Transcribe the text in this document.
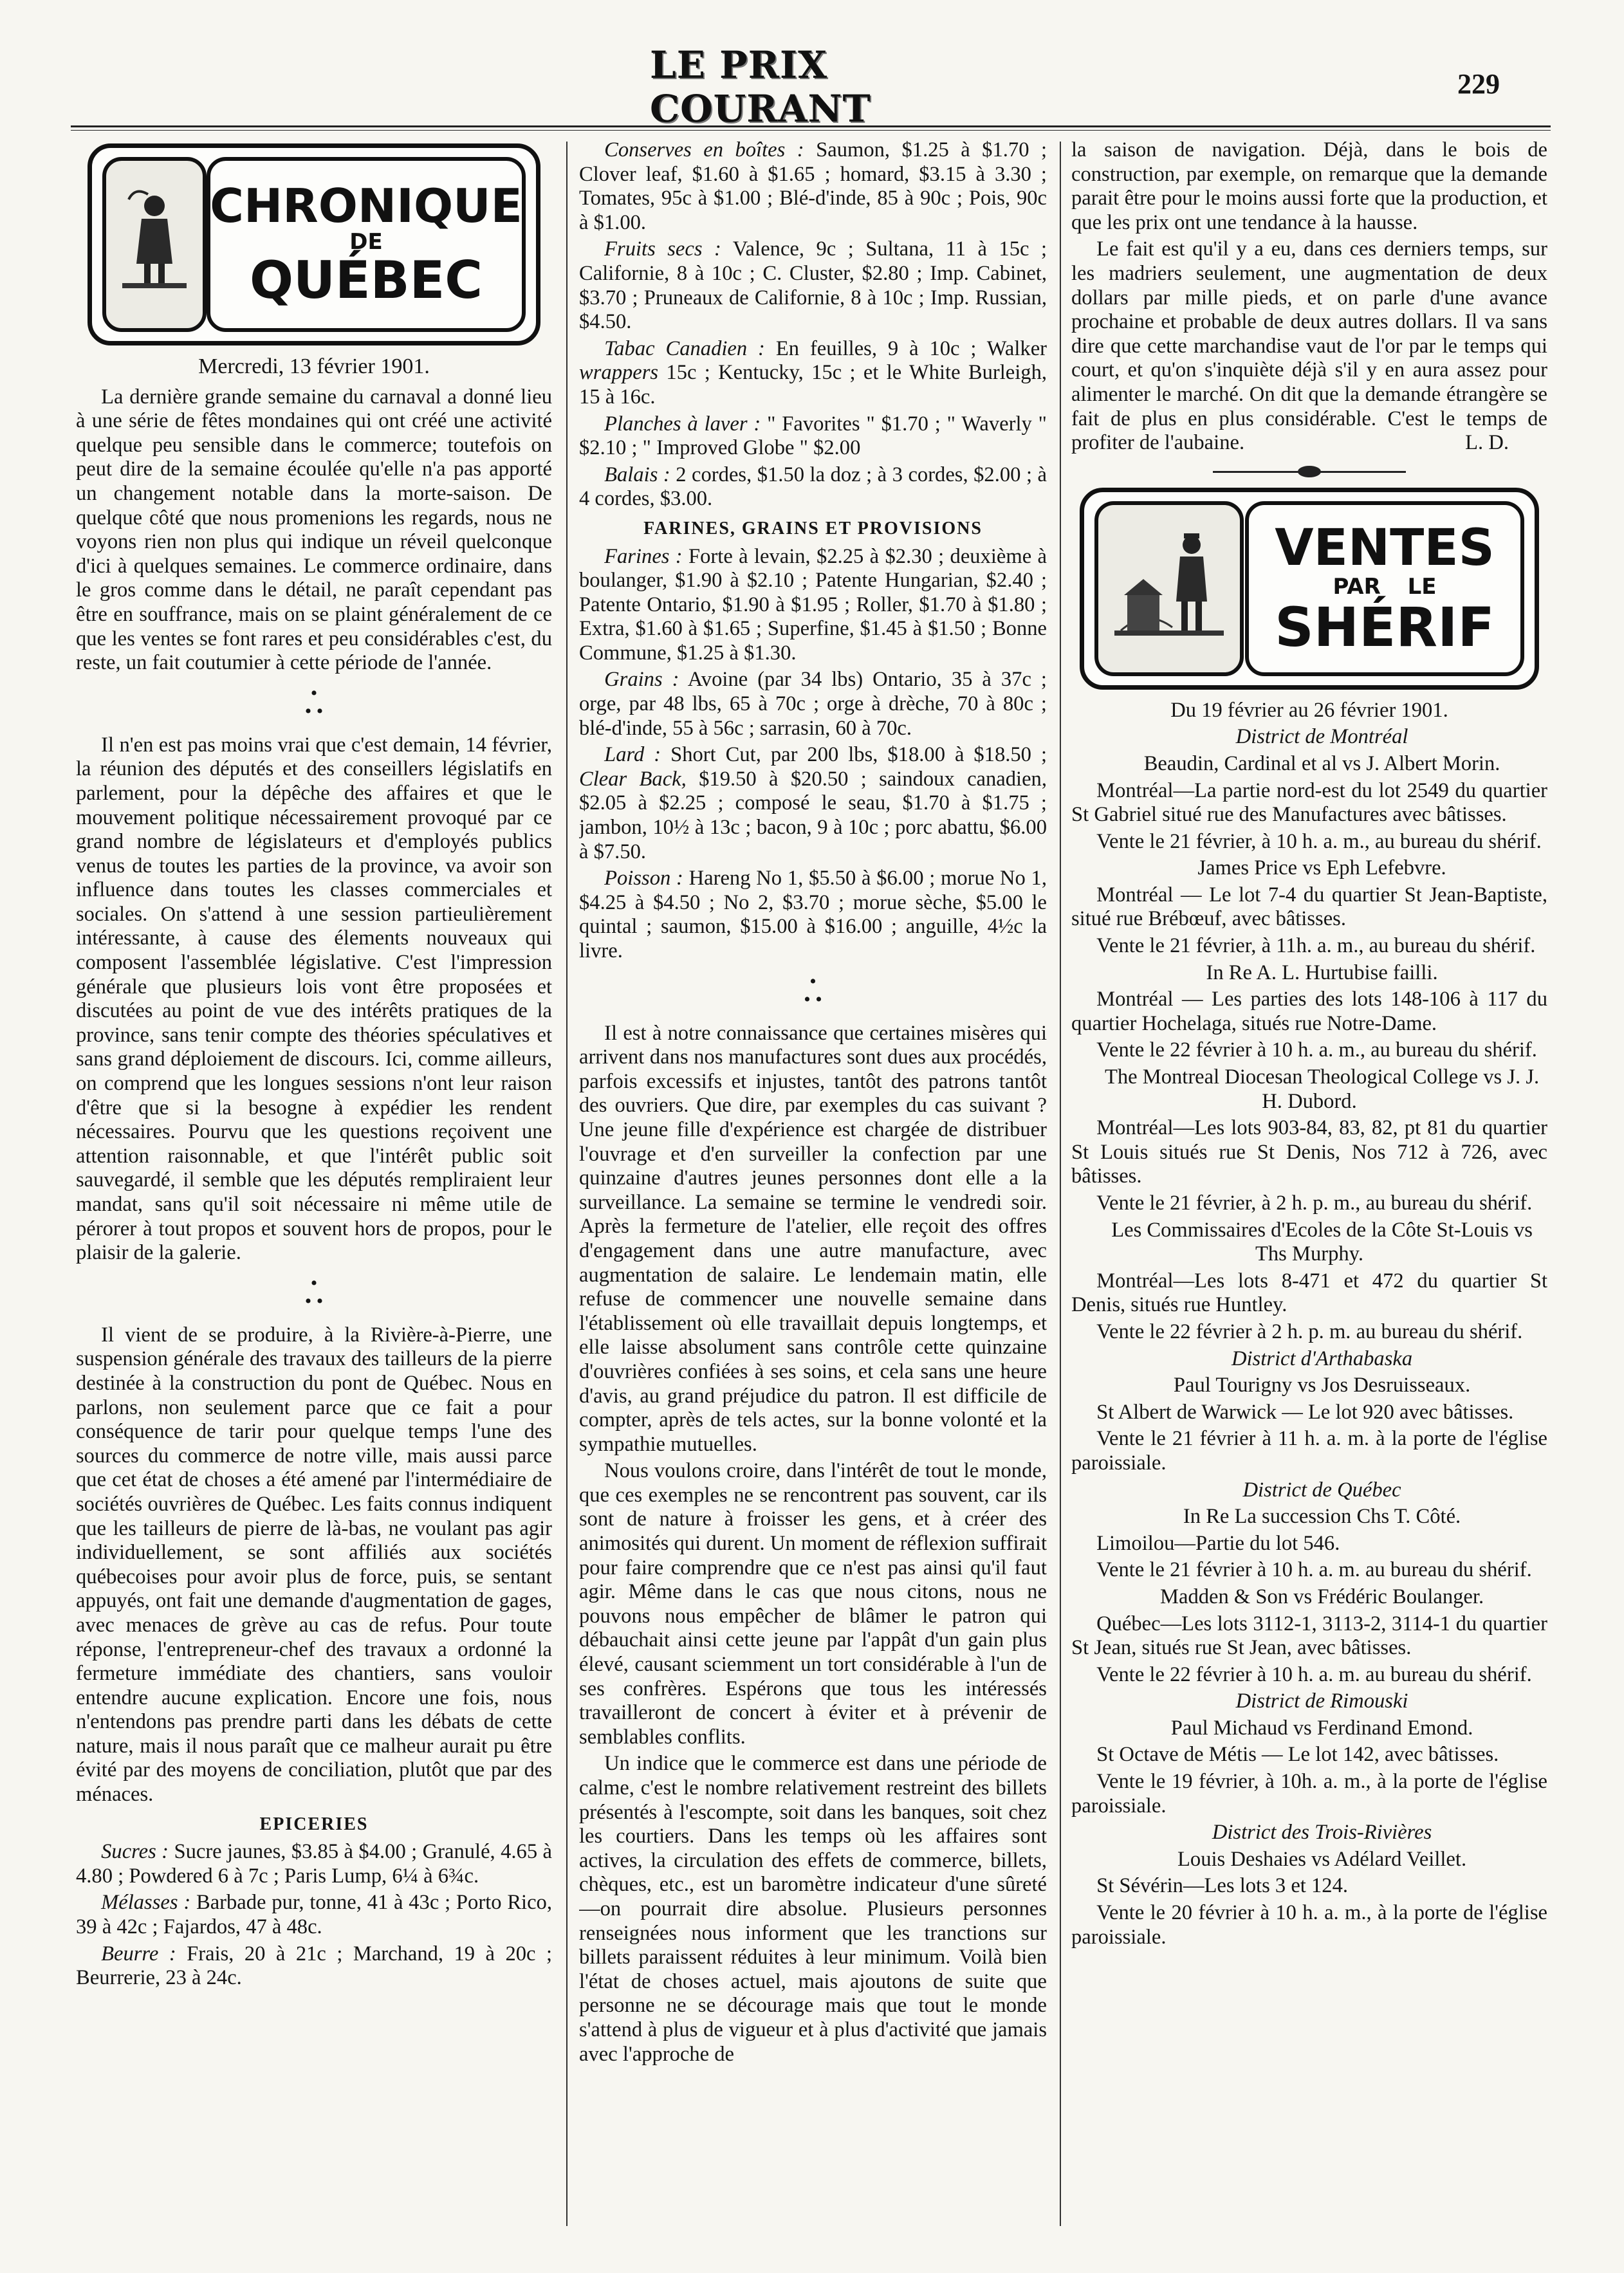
LE PRIX COURANT
229
CHRONIQUE
DE
QUÉBEC
Mercredi, 13 février 1901.

La dernière grande semaine du carnaval a donné lieu à une série de fêtes mondaines qui ont créé une activité quelque peu sensible dans le commerce; toutefois on peut dire de la semaine écoulée qu'elle n'a pas apporté un changement notable dans la morte-saison. De quelque côté que nous promenions les regards, nous ne voyons rien non plus qui indique un réveil quelconque d'ici à quelques semaines. Le commerce ordinaire, dans le gros comme dans le détail, ne paraît cependant pas être en souffrance, mais on se plaint généralement de ce que les ventes se font rares et peu considérables c'est, du reste, un fait coutumier à cette période de l'année.

•
• •

Il n'en est pas moins vrai que c'est demain, 14 février, la réunion des députés et des conseillers législatifs en parlement, pour la dépêche des affaires et que le mouvement politique nécessairement provoqué par ce grand nombre de législateurs et d'employés publics venus de toutes les parties de la province, va avoir son influence dans toutes les classes commerciales et sociales. On s'attend à une session partieulièrement intéressante, à cause des élements nouveaux qui composent l'assemblée législative. C'est l'impression générale que plusieurs lois vont être proposées et discutées au point de vue des intérêts pratiques de la province, sans tenir compte des théories spéculatives et sans grand déploiement de discours. Ici, comme ailleurs, on comprend que les longues sessions n'ont leur raison d'être que si la besogne à expédier les rendent nécessaires. Pourvu que les questions reçoivent une attention raisonnable, et que l'intérêt public soit sauvegardé, il semble que les députés rempliraient leur mandat, sans qu'il soit nécessaire ni même utile de pérorer à tout propos et souvent hors de propos, pour le plaisir de la galerie.

•
• •

Il vient de se produire, à la Rivière-à-Pierre, une suspension générale des travaux des tailleurs de la pierre destinée à la construction du pont de Québec. Nous en parlons, non seulement parce que ce fait a pour conséquence de tarir pour quelque temps l'une des sources du commerce de notre ville, mais aussi parce que cet état de choses a été amené par l'intermédiaire de sociétés ouvrières de Québec. Les faits connus indiquent que les tailleurs de pierre de là-bas, ne voulant pas agir individuellement, se sont affiliés aux sociétés québecoises pour avoir plus de force, puis, se sentant appuyés, ont fait une demande d'augmentation de gages, avec menaces de grève au cas de refus. Pour toute réponse, l'entrepreneur-chef des travaux a ordonné la fermeture immédiate des chantiers, sans vouloir entendre aucune explication. Encore une fois, nous n'entendons pas prendre parti dans les débats de cette nature, mais il nous paraît que ce malheur aurait pu être évité par des moyens de conciliation, plutôt que par des ménaces.

EPICERIES

Sucres : Sucre jaunes, $3.85 à $4.00 ; Granulé, 4.65 à 4.80 ; Powdered 6 à 7c ; Paris Lump, 6¼ à 6¾c.

Mélasses : Barbade pur, tonne, 41 à 43c ; Porto Rico, 39 à 42c ; Fajardos, 47 à 48c.

Beurre : Frais, 20 à 21c ; Marchand, 19 à 20c ; Beurrerie, 23 à 24c.

Conserves en boîtes : Saumon, $1.25 à $1.70 ; Clover leaf, $1.60 à $1.65 ; homard, $3.15 à 3.30 ; Tomates, 95c à $1.00 ; Blé-d'inde, 85 à 90c ; Pois, 90c à $1.00.

Fruits secs : Valence, 9c ; Sultana, 11 à 15c ; Californie, 8 à 10c ; C. Cluster, $2.80 ; Imp. Cabinet, $3.70 ; Pruneaux de Californie, 8 à 10c ; Imp. Russian, $4.50.

Tabac Canadien : En feuilles, 9 à 10c ; Walker wrappers 15c ; Kentucky, 15c ; et le White Burleigh, 15 à 16c.

Planches à laver : " Favorites " $1.70 ; " Waverly " $2.10 ; " Improved Globe " $2.00

Balais : 2 cordes, $1.50 la doz ; à 3 cordes, $2.00 ; à 4 cordes, $3.00.

FARINES, GRAINS ET PROVISIONS

Farines : Forte à levain, $2.25 à $2.30 ; deuxième à boulanger, $1.90 à $2.10 ; Patente Hungarian, $2.40 ; Patente Ontario, $1.90 à $1.95 ; Roller, $1.70 à $1.80 ; Extra, $1.60 à $1.65 ; Superfine, $1.45 à $1.50 ; Bonne Commune, $1.25 à $1.30.

Grains : Avoine (par 34 lbs) Ontario, 35 à 37c ; orge, par 48 lbs, 65 à 70c ; orge à drèche, 70 à 80c ; blé-d'inde, 55 à 56c ; sarrasin, 60 à 70c.

Lard : Short Cut, par 200 lbs, $18.00 à $18.50 ; Clear Back, $19.50 à $20.50 ; saindoux canadien, $2.05 à $2.25 ; composé le seau, $1.70 à $1.75 ; jambon, 10½ à 13c ; bacon, 9 à 10c ; porc abattu, $6.00 à $7.50.

Poisson : Hareng No 1, $5.50 à $6.00 ; morue No 1, $4.25 à $4.50 ; No 2, $3.70 ; morue sèche, $5.00 le quintal ; saumon, $15.00 à $16.00 ; anguille, 4½c la livre.

•
• •

Il est à notre connaissance que certaines misères qui arrivent dans nos manufactures sont dues aux procédés, parfois excessifs et injustes, tantôt des patrons tantôt des ouvriers. Que dire, par exemples du cas suivant ? Une jeune fille d'expérience est chargée de distribuer l'ouvrage et d'en surveiller la confection par une quinzaine d'autres jeunes personnes dont elle a la surveillance. La semaine se termine le vendredi soir. Après la fermeture de l'atelier, elle reçoit des offres d'engagement dans une autre manufacture, avec augmentation de salaire. Le lendemain matin, elle refuse de commencer une nouvelle semaine dans l'établissement où elle travaillait depuis longtemps, et elle laisse absolument sans contrôle cette quinzaine d'ouvrières confiées à ses soins, et cela sans une heure d'avis, au grand préjudice du patron. Il est difficile de compter, après de tels actes, sur la bonne volonté et la sympathie mutuelles.

Nous voulons croire, dans l'intérêt de tout le monde, que ces exemples ne se rencontrent pas souvent, car ils sont de nature à froisser les gens, et à créer des animosités qui durent. Un moment de réflexion suffirait pour faire comprendre que ce n'est pas ainsi qu'il faut agir. Même dans le cas que nous citons, nous ne pouvons nous empêcher de blâmer le patron qui débauchait ainsi cette jeune par l'appât d'un gain plus élevé, causant sciemment un tort considérable à l'un de ses confrères. Espérons que tous les intéressés travailleront de concert à éviter et à prévenir de semblables conflits.

Un indice que le commerce est dans une période de calme, c'est le nombre relativement restreint des billets présentés à l'escompte, soit dans les banques, soit chez les courtiers. Dans les temps où les affaires sont actives, la circulation des effets de commerce, billets, chèques, etc., est un baromètre indicateur d'une sûreté—on pourrait dire absolue. Plusieurs personnes renseignées nous informent que les tranctions sur billets paraissent réduites à leur minimum. Voilà bien l'état de choses actuel, mais ajoutons de suite que personne ne se décourage mais que tout le monde s'attend à plus de vigueur et à plus d'activité que jamais avec l'approche de

la saison de navigation. Déjà, dans le bois de construction, par exemple, on remarque que la demande parait être pour le moins aussi forte que la production, et que les prix ont une tendance à la hausse.

Le fait est qu'il y a eu, dans ces derniers temps, sur les madriers seulement, une augmentation de deux dollars par mille pieds, et on parle d'une avance prochaine et probable de deux autres dollars. Il va sans dire que cette marchandise vaut de l'or par le temps qui court, et qu'on s'inquiète déjà s'il y en aura assez pour alimenter le marché. On dit que la demande étrangère se fait de plus en plus considérable. C'est le temps de profiter de l'aubaine.	L. D.

VENTES
PAR LE
SHÉRIF

Du 19 février au 26 février 1901.

District de Montréal

Beaudin, Cardinal et al vs J. Albert Morin.

Montréal—La partie nord-est du lot 2549 du quartier St Gabriel situé rue des Manufactures avec bâtisses.

Vente le 21 février, à 10 h. a. m., au bureau du shérif.

James Price vs Eph Lefebvre.

Montréal — Le lot 7-4 du quartier St Jean-Baptiste, situé rue Brébœuf, avec bâtisses.

Vente le 21 février, à 11h. a. m., au bureau du shérif.

In Re A. L. Hurtubise failli.

Montréal — Les parties des lots 148-106 à 117 du quartier Hochelaga, situés rue Notre-Dame.

Vente le 22 février à 10 h. a. m., au bureau du shérif.

The Montreal Diocesan Theological College vs J. J. H. Dubord.

Montréal—Les lots 903-84, 83, 82, pt 81 du quartier St Louis situés rue St Denis, Nos 712 à 726, avec bâtisses.

Vente le 21 février, à 2 h. p. m., au bureau du shérif.

Les Commissaires d'Ecoles de la Côte St-Louis vs Ths Murphy.

Montréal—Les lots 8-471 et 472 du quartier St Denis, situés rue Huntley.

Vente le 22 février à 2 h. p. m. au bureau du shérif.

District d'Arthabaska

Paul Tourigny vs Jos Desruisseaux.

St Albert de Warwick — Le lot 920 avec bâtisses.

Vente le 21 février à 11 h. a. m. à la porte de l'église paroissiale.

District de Québec

In Re La succession Chs T. Côté.

Limoilou—Partie du lot 546.

Vente le 21 février à 10 h. a. m. au bureau du shérif.

Madden & Son vs Frédéric Boulanger.

Québec—Les lots 3112-1, 3113-2, 3114-1 du quartier St Jean, situés rue St Jean, avec bâtisses.

Vente le 22 février à 10 h. a. m. au bureau du shérif.

District de Rimouski

Paul Michaud vs Ferdinand Emond.

St Octave de Métis — Le lot 142, avec bâtisses.

Vente le 19 février, à 10h. a. m., à la porte de l'église paroissiale.

District des Trois-Rivières

Louis Deshaies vs Adélard Veillet.

St Sévérin—Les lots 3 et 124.

Vente le 20 février à 10 h. a. m., à la porte de l'église paroissiale.
